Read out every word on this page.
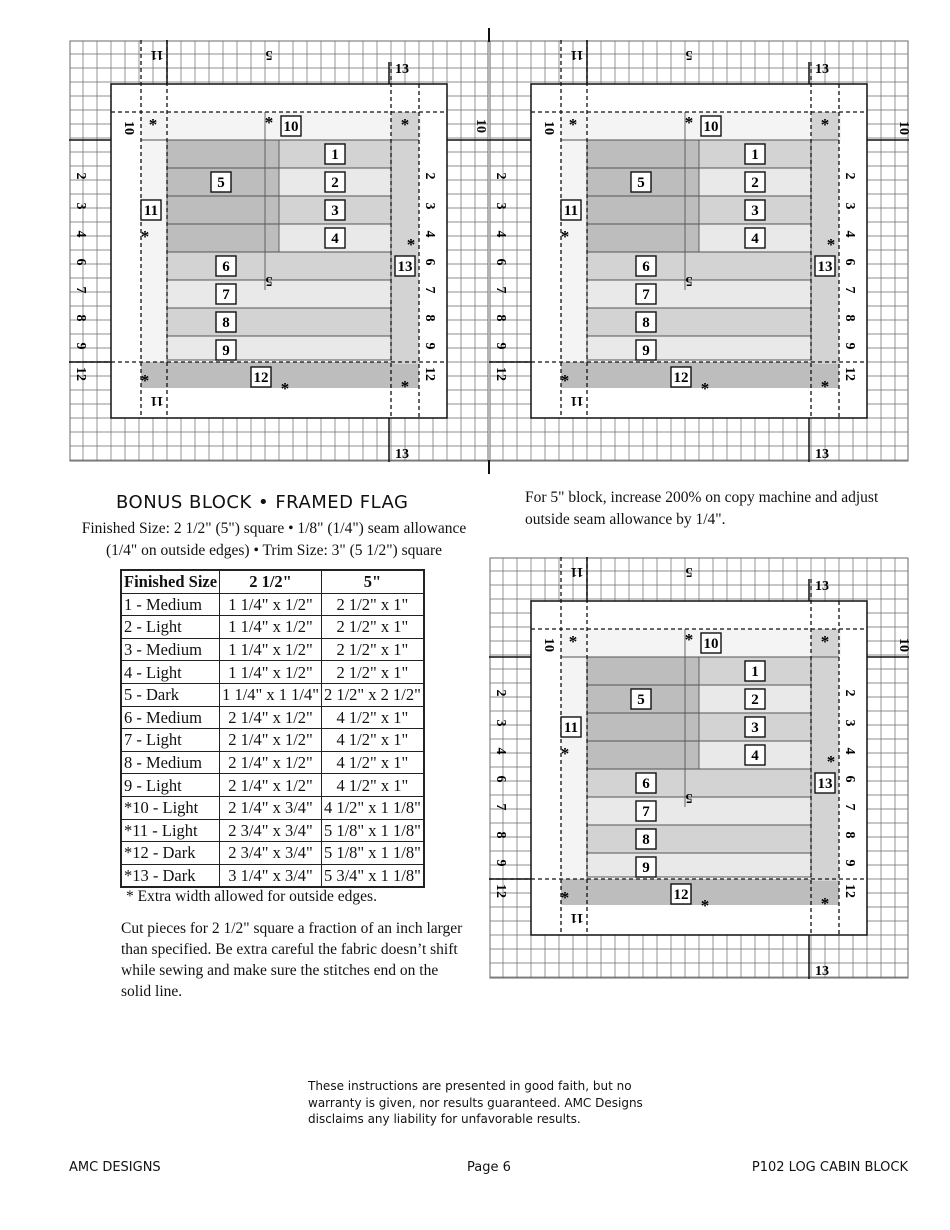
1
2
3
4
5
6
7
8
9
10
11
12
13
*	*	*
*	*
*	*	*
11	5
13
10
2
3
4
6
7
8
9
12
2
3
4
6
7
8
9
12
11
13
5
1
2
3
4
5
6
7
8
9
10
11
12
13
*	*	*
*	*
*	*	*
11	5
13
10
2
3
4
6
7
8
9
12
2
3
4
6
7
8
9
12
10
11
13
5
1
2
3
4
5
6
7
8
9
10
11
12
13
*	*	*
*	*
*	*	*
11	5
13
10
2
3
4
6
7
8
9
12
2
3
4
6
7
8
9
12
10
11
13
5
BONUS BLOCK • FRAMED FLAG
Finished Size: 2 1/2" (5") square • 1/8" (1/4") seam allowance
(1/4" on outside edges) • Trim Size: 3" (5 1/2") square
For 5" block, increase 200% on copy machine and adjust outside seam allowance by 1/4".
Finished Size	2 1/2"	5"
1 - Medium	1 1/4" x 1/2"	2 1/2" x 1"
2 - Light	1 1/4" x 1/2"	2 1/2" x 1"
3 - Medium	1 1/4" x 1/2"	2 1/2" x 1"
4 - Light	1 1/4" x 1/2"	2 1/2" x 1"
5 - Dark	1 1/4" x 1 1/4"	2 1/2" x 2 1/2"
6 - Medium	2 1/4" x 1/2"	4 1/2" x 1"
7 - Light	2 1/4" x 1/2"	4 1/2" x 1"
8 - Medium	2 1/4" x 1/2"	4 1/2" x 1"
9 - Light	2 1/4" x 1/2"	4 1/2" x 1"
*10 - Light	2 1/4" x 3/4"	4 1/2" x 1 1/8"
*11 - Light	2 3/4" x 3/4"	5 1/8" x 1 1/8"
*12 - Dark	2 3/4" x 3/4"	5 1/8" x 1 1/8"
*13 - Dark	3 1/4" x 3/4"	5 3/4" x 1 1/8"
* Extra width allowed for outside edges.
Cut pieces for 2 1/2" square a fraction of an inch larger than specified. Be extra careful the fabric doesn’t shift while sewing and make sure the stitches end on the solid line.
These instructions are presented in good faith, but no warranty is given, nor results guaranteed. AMC Designs disclaims any liability for unfavorable results.
AMC DESIGNS	Page 6	P102 LOG CABIN BLOCK
10
